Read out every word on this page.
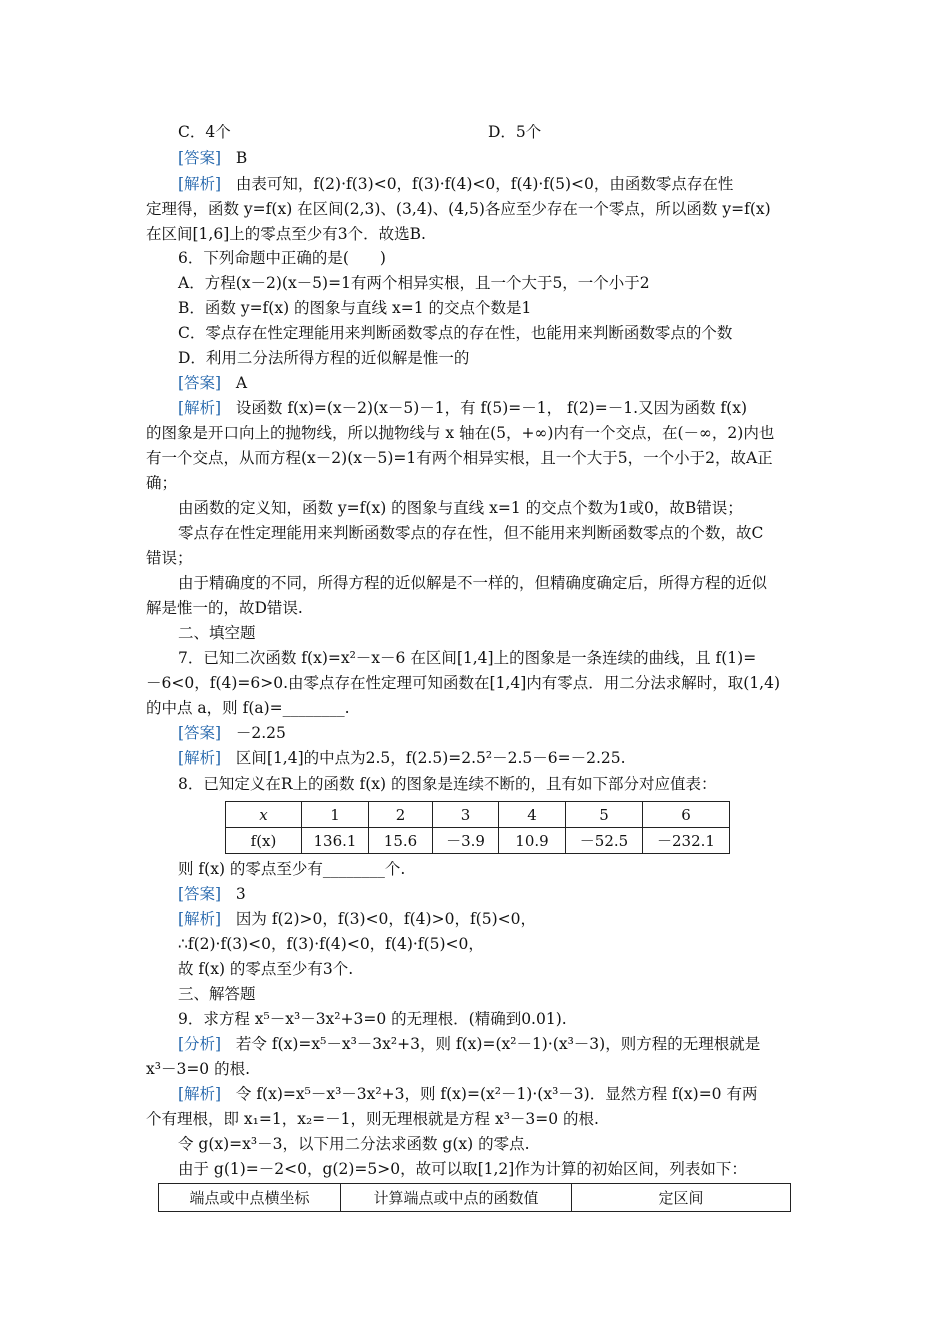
C．4个	D．5个
[答案] B
[解析] 由表可知，f(2)·f(3)<0，f(3)·f(4)<0，f(4)·f(5)<0，由函数零点存在性
定理得，函数 y=f(x) 在区间(2,3)、(3,4)、(4,5)各应至少存在一个零点，所以函数 y=f(x)
在区间[1,6]上的零点至少有3个．故选B.
6．下列命题中正确的是(　　)
A．方程(x－2)(x－5)=1有两个相异实根，且一个大于5，一个小于2
B．函数 y=f(x) 的图象与直线 x=1 的交点个数是1
C．零点存在性定理能用来判断函数零点的存在性，也能用来判断函数零点的个数
D．利用二分法所得方程的近似解是惟一的
[答案] A
[解析] 设函数 f(x)=(x－2)(x－5)－1，有 f(5)=－1， f(2)=－1.又因为函数 f(x)
的图象是开口向上的抛物线，所以抛物线与 x 轴在(5，+∞)内有一个交点，在(－∞，2)内也
有一个交点，从而方程(x－2)(x－5)=1有两个相异实根，且一个大于5，一个小于2，故A正
确；
由函数的定义知，函数 y=f(x) 的图象与直线 x=1 的交点个数为1或0，故B错误；
零点存在性定理能用来判断函数零点的存在性，但不能用来判断函数零点的个数，故C
错误；
由于精确度的不同，所得方程的近似解是不一样的，但精确度确定后，所得方程的近似
解是惟一的，故D错误.
二、填空题
7．已知二次函数 f(x)=x²－x－6 在区间[1,4]上的图象是一条连续的曲线，且 f(1)=
－6<0，f(4)=6>0.由零点存在性定理可知函数在[1,4]内有零点．用二分法求解时，取(1,4)
的中点 a，则 f(a)=________.
[答案] －2.25
[解析] 区间[1,4]的中点为2.5，f(2.5)=2.5²－2.5－6=－2.25.
8．已知定义在R上的函数 f(x) 的图象是连续不断的，且有如下部分对应值表：
x	1	2	3	4	5	6
f(x)	136.1	15.6	－3.9	10.9	－52.5	－232.1
则 f(x) 的零点至少有________个.
[答案] 3
[解析] 因为 f(2)>0，f(3)<0，f(4)>0，f(5)<0，
∴f(2)·f(3)<0，f(3)·f(4)<0，f(4)·f(5)<0，
故 f(x) 的零点至少有3个.
三、解答题
9．求方程 x⁵－x³－3x²+3=0 的无理根．(精确到0.01).
[分析] 若令 f(x)=x⁵－x³－3x²+3，则 f(x)=(x²－1)·(x³－3)，则方程的无理根就是
x³－3=0 的根.
[解析] 令 f(x)=x⁵－x³－3x²+3，则 f(x)=(x²－1)·(x³－3)．显然方程 f(x)=0 有两
个有理根，即 x₁=1，x₂=－1，则无理根就是方程 x³－3=0 的根.
令 g(x)=x³－3，以下用二分法求函数 g(x) 的零点.
由于 g(1)=－2<0，g(2)=5>0，故可以取[1,2]作为计算的初始区间，列表如下：
端点或中点横坐标	计算端点或中点的函数值	定区间
